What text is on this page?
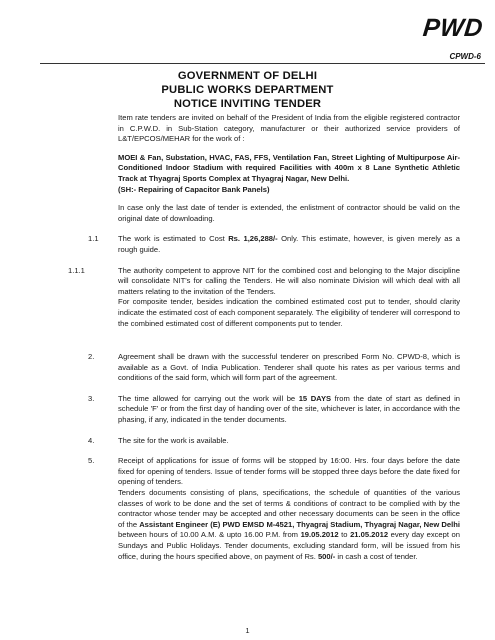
PWD
CPWD-6
GOVERNMENT OF DELHI
PUBLIC WORKS DEPARTMENT
NOTICE INVITING TENDER

Item rate tenders are invited on behalf of the President of India from the eligible registered contractor in C.P.W.D. in Sub-Station category, manufacturer or their authorized service providers of L&T/EPCOS/MEHAR for the work of :

MOEI & Fan, Substation, HVAC, FAS, FFS, Ventilation Fan, Street Lighting of Multipurpose Air-Conditioned Indoor Stadium with required Facilities with 400m x 8 Lane Synthetic Athletic Track at Thyagraj Sports Complex at Thyagraj Nagar, New Delhi.
(SH:- Repairing of Capacitor Bank Panels)

In case only the last date of tender is extended, the enlistment of contractor should be valid on the original date of downloading.

1.1	The work is estimated to Cost Rs. 1,26,288/- Only. This estimate, however, is given merely as a rough guide.
1.1.1	The authority competent to approve NIT for the combined cost and belonging to the Major discipline will consolidate NIT's for calling the Tenders. He will also nominate Division will which deal with all matters relating to the invitation of the Tenders.
For composite tender, besides indication the combined estimated cost put to tender, should clarity indicate the estimated cost of each component separately. The eligibility of tenderer will correspond to the combined estimated cost of different components put to tender.
2.	Agreement shall be drawn with the successful tenderer on prescribed Form No. CPWD-8, which is available as a Govt. of India Publication. Tenderer shall quote his rates as per various terms and conditions of the said form, which will form part of the agreement.
3.	The time allowed for carrying out the work will be 15 DAYS from the date of start as defined in schedule 'F' or from the first day of handing over of the site, whichever is later, in accordance with the phasing, if any, indicated in the tender documents.
4.	The site for the work is available.
5.	Receipt of applications for issue of forms will be stopped by 16:00. Hrs. four days before the date fixed for opening of tenders. Issue of tender forms will be stopped three days before the date fixed for opening of tenders.
Tenders documents consisting of plans, specifications, the schedule of quantities of the various classes of work to be done and the set of terms & conditions of contract to be complied with by the contractor whose tender may be accepted and other necessary documents can be seen in the office of the Assistant Engineer (E) PWD EMSD M-4521, Thyagraj Stadium, Thyagraj Nagar, New Delhi between hours of 10.00 A.M. & upto 16.00 P.M. from 19.05.2012 to 21.05.2012 every day except on Sundays and Public Holidays. Tender documents, excluding standard form, will be issued from his office, during the hours specified above, on payment of Rs. 500/- in cash a cost of tender.
1
